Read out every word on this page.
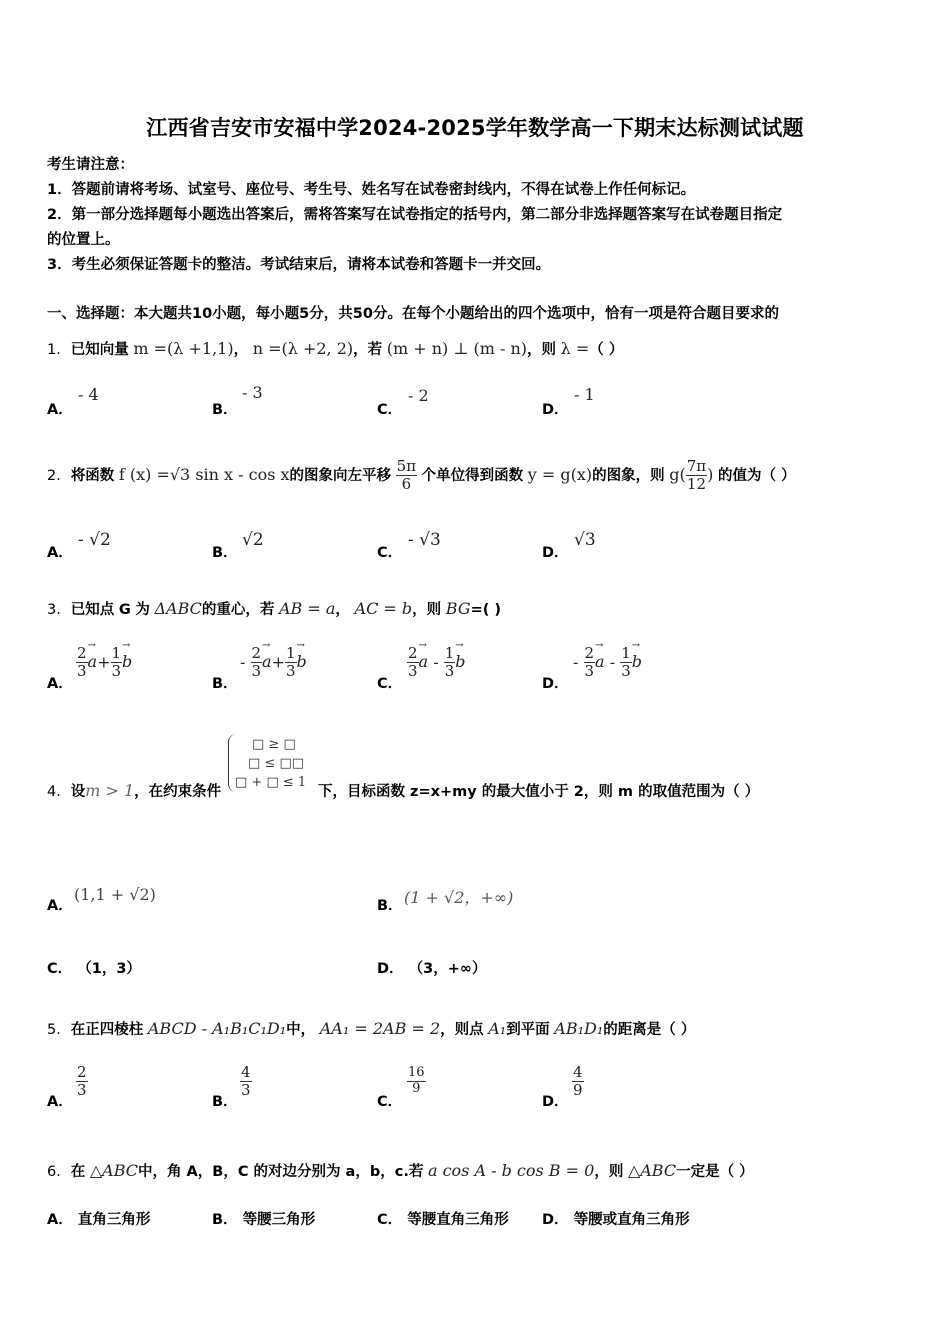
江西省吉安市安福中学2024-2025学年数学高一下期末达标测试试题
考生请注意：
1．答题前请将考场、试室号、座位号、考生号、姓名写在试卷密封线内，不得在试卷上作任何标记。
2．第一部分选择题每小题选出答案后，需将答案写在试卷指定的括号内，第二部分非选择题答案写在试卷题目指定
的位置上。
3．考生必须保证答题卡的整洁。考试结束后，请将本试卷和答题卡一并交回。
一、选择题：本大题共10小题，每小题5分，共50分。在每个小题给出的四个选项中，恰有一项是符合题目要求的
1．已知向量 m =(λ +1,1)， n =(λ +2, 2)，若 (m + n) ⊥ (m - n)，则 λ =（ ）
A．
- 4
B．
- 3
C．
- 2
D．
- 1
2．将函数 f (x) =√3 sin x - cos x的图象向左平移 $\frac{5\pi}{6}$ 个单位得到函数 y = g(x)的图象，则 $g( \frac{7\pi}{12}$ ) 的值为（ ）
A．
- √2
B．
√2
C．
- √3
D．
√3
3．已知点 G 为 ΔABC的重心，若 AB = a， AC = b，则 BG=( )
A．
$\frac{2}{3}$
→ $a+ \frac{1}{3}$
→ b
B．
- $\frac{2}{3}$
→ $a+ \frac{1}{3}$
→ b
C．
$\frac{2}{3}$
→ a - $\frac{1}{3}$
→ b
D．
- $\frac{2}{3}$
→ a - $\frac{1}{3}$
→ b
□ ≥ □
□ ≤ □□
□ + □ ≤ 1
4．设m > 1，在约束条件	下，目标函数 z=x+my 的最大值小于 2，则 m 的取值范围为（ ）
A．
(1,1 + √2)
B． (1 + √2，+∞)
C． （1，3）	D． （3，+∞）
5．在正四棱柱 ABCD - A₁B₁C₁D₁中， AA₁ = 2AB = 2，则点 A₁到平面 AB₁D₁的距离是（ ）
A．
$\frac{2}{3}$
B．
$\frac{4}{3}$
C．
$\frac{16}{9}$
D．
$\frac{4}{9}$
6．在 △ABC中，角 A，B，C 的对边分别为 a，b，c.若 a cos A - b cos B = 0，则 △ABC一定是（ ）
A． 直角三角形	B． 等腰三角形	C． 等腰直角三角形 D． 等腰或直角三角形
